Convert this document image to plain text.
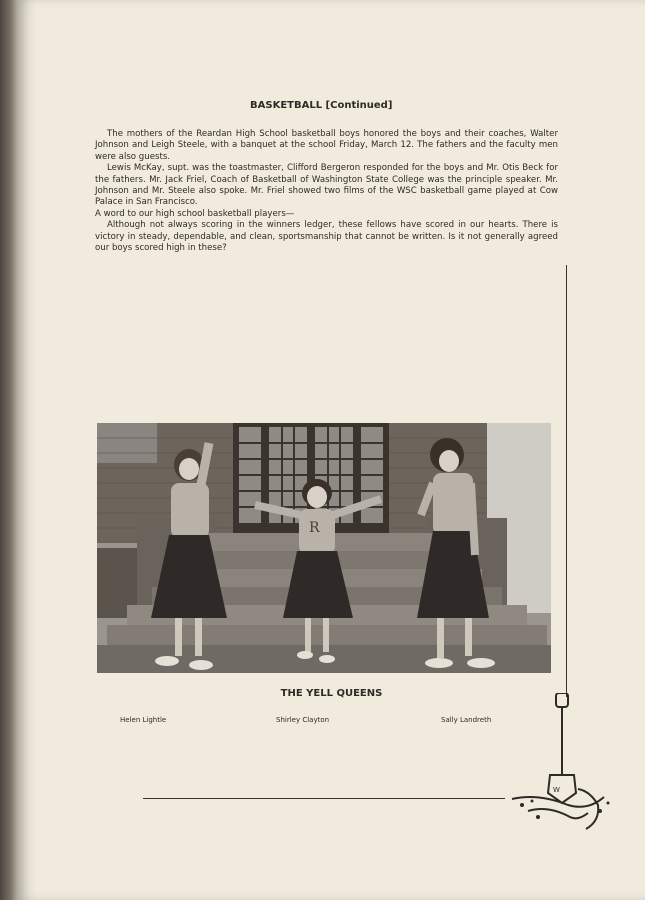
BASKETBALL [Continued]

The mothers of the Reardan High School basketball boys honored the boys and their coaches, Walter Johnson and Leigh Steele, with a banquet at the school Friday, March 12. The fathers and the faculty men were also guests.

Lewis McKay, supt. was the toastmaster, Clifford Bergeron responded for the boys and Mr. Otis Beck for the fathers. Mr. Jack Friel, Coach of Basketball of Washington State College was the principle speaker. Mr. Johnson and Mr. Steele also spoke. Mr. Friel showed two films of the WSC basketball game played at Cow Palace in San Francisco.

A word to our high school basketball players—

Although not always scoring in the winners ledger, these fellows have scored in our hearts. There is victory in steady, dependable, and clean, sportsmanship that cannot be written. Is it not generally agreed our boys scored high in these?

R
THE YELL QUEENS
Helen Lightle	Shirley Clayton	Sally Landreth
W
